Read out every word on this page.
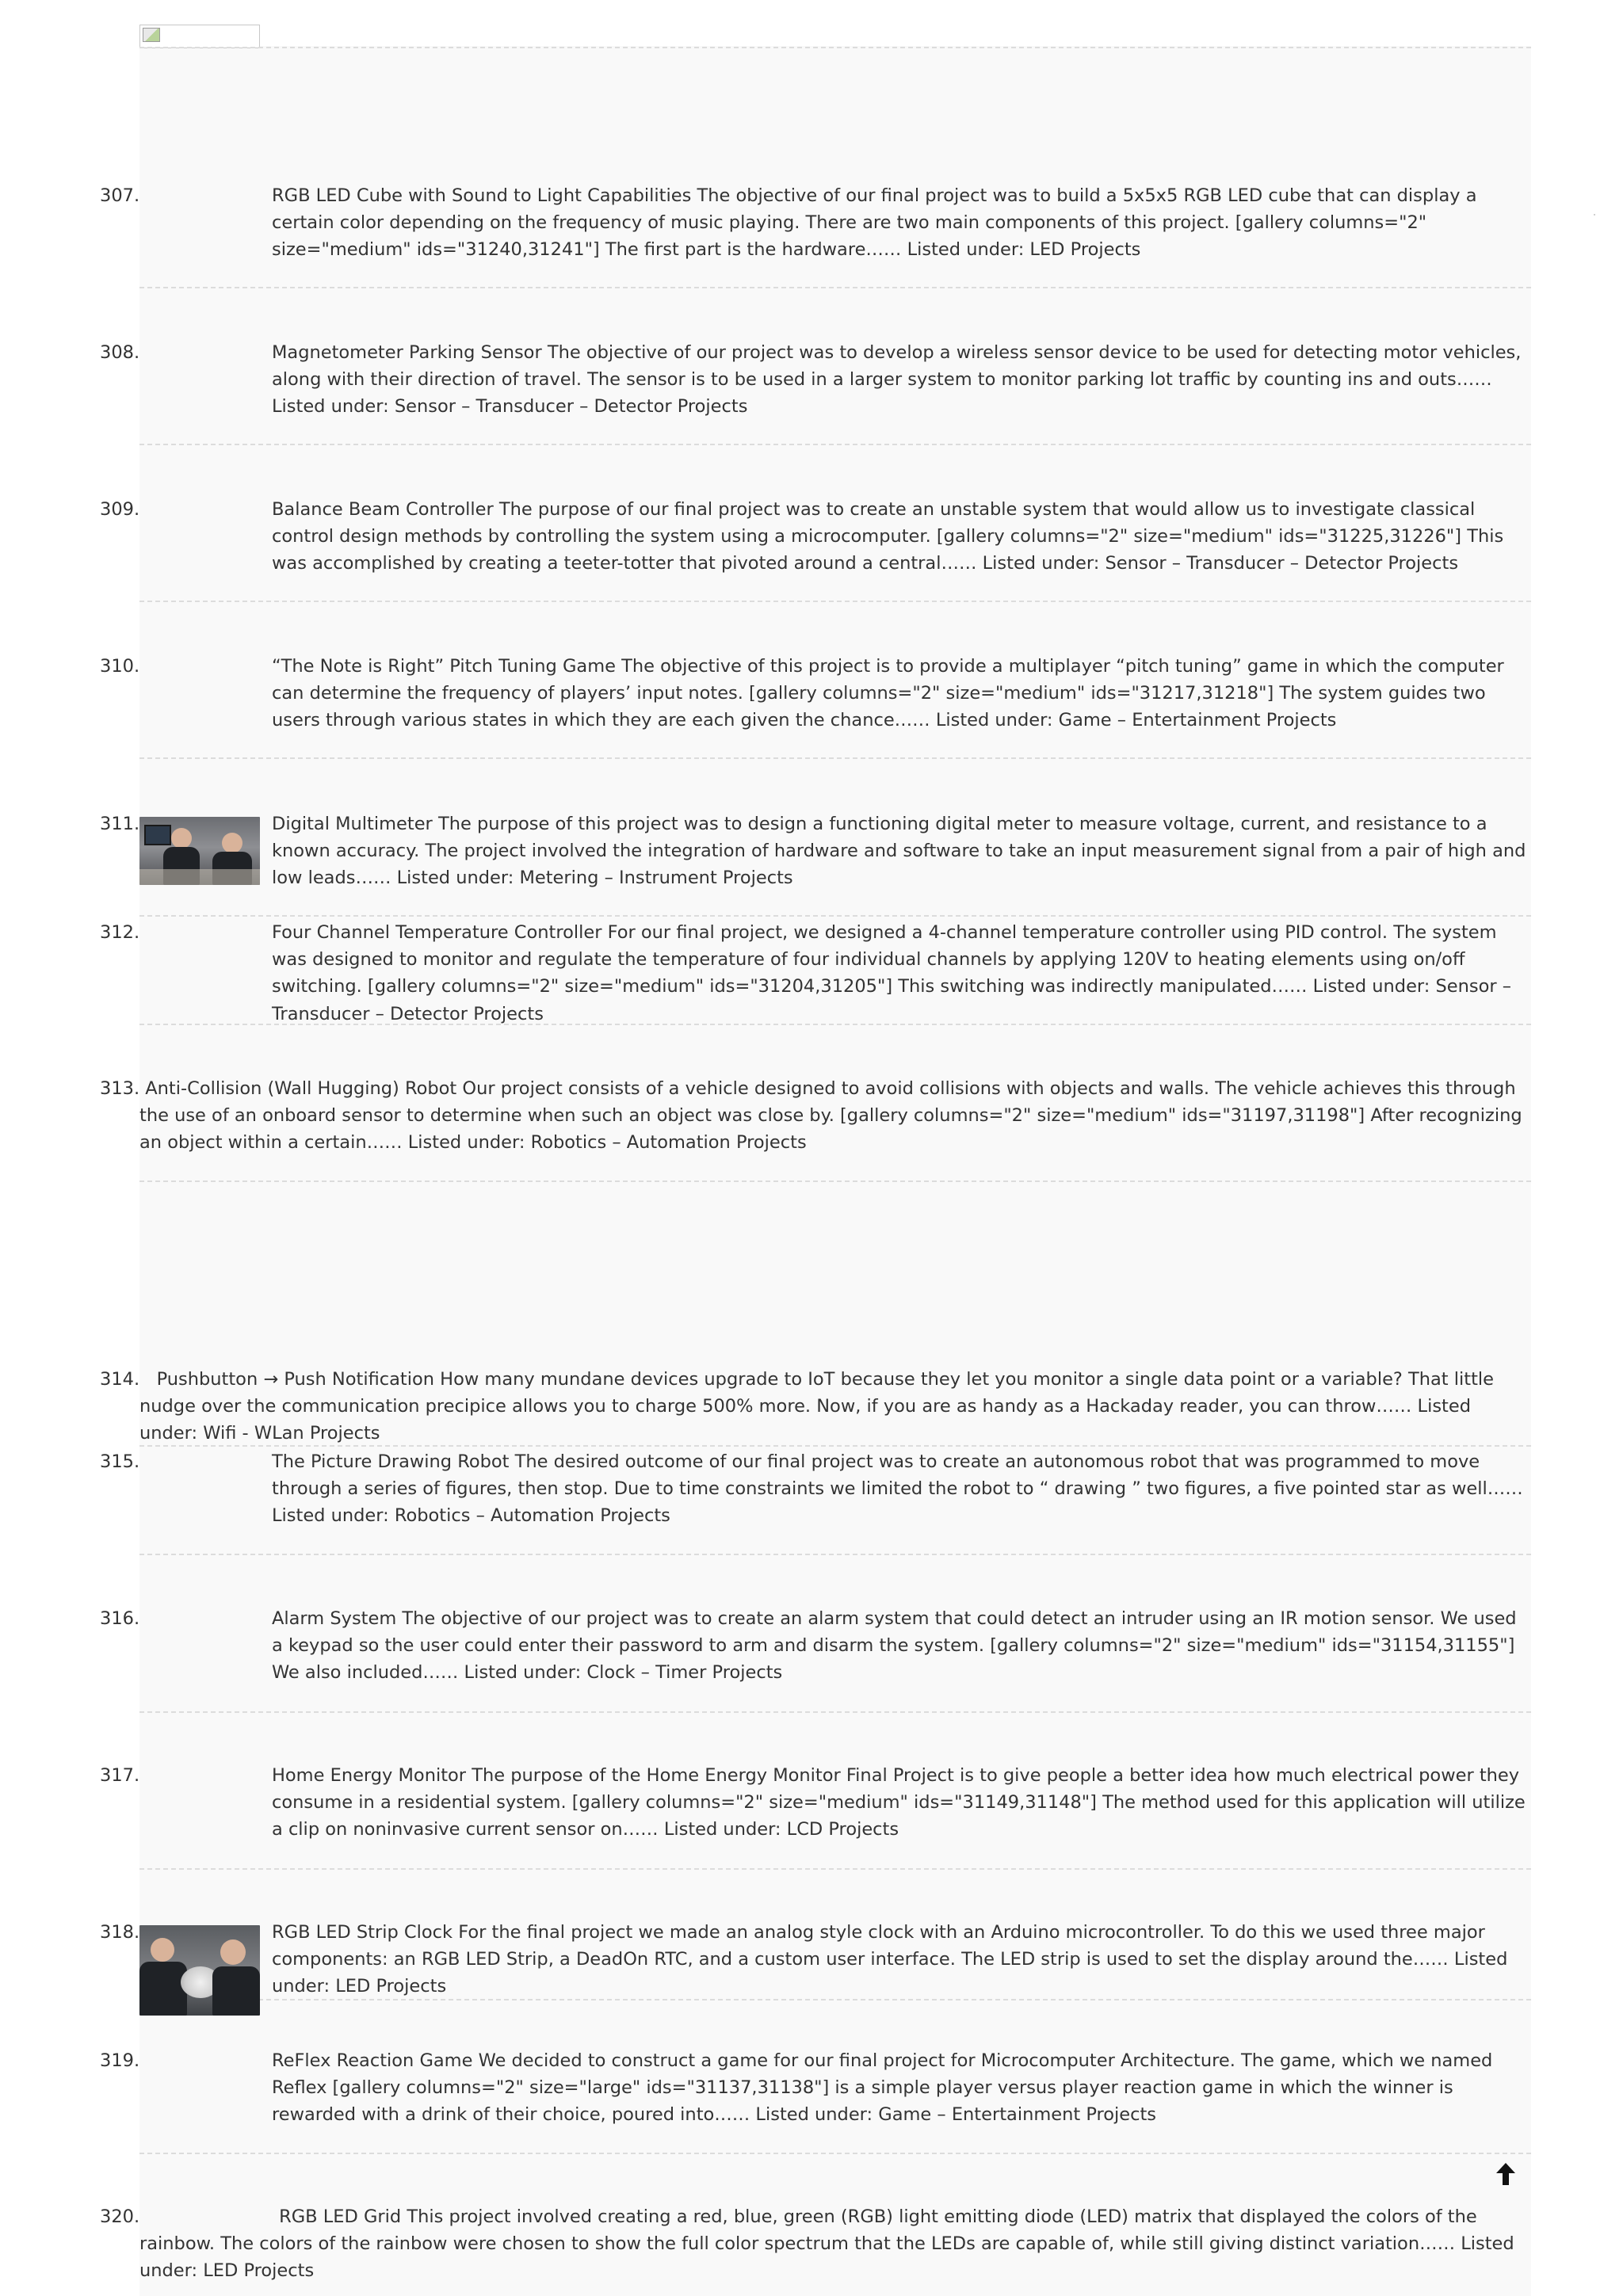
307.	RGB LED Cube with Sound to Light Capabilities The objective of our final project was to build a 5x5x5 RGB LED cube that can display a certain color depending on the frequency of music playing. There are two main components of this project. [gallery columns="2" size="medium" ids="31240,31241"] The first part is the hardware…… Listed under: LED Projects
308.	Magnetometer Parking Sensor The objective of our project was to develop a wireless sensor device to be used for detecting motor vehicles, along with their direction of travel. The sensor is to be used in a larger system to monitor parking lot traffic by counting ins and outs…… Listed under: Sensor – Transducer – Detector Projects
309.	Balance Beam Controller The purpose of our final project was to create an unstable system that would allow us to investigate classical control design methods by controlling the system using a microcomputer. [gallery columns="2" size="medium" ids="31225,31226"] This was accomplished by creating a teeter-totter that pivoted around a central…… Listed under: Sensor – Transducer – Detector Projects
310.	“The Note is Right” Pitch Tuning Game The objective of this project is to provide a multiplayer “pitch tuning” game in which the computer can determine the frequency of players’ input notes. [gallery columns="2" size="medium" ids="31217,31218"] The system guides two users through various states in which they are each given the chance…… Listed under: Game – Entertainment Projects
311.	Digital Multimeter The purpose of this project was to design a functioning digital meter to measure voltage, current, and resistance to a known accuracy. The project involved the integration of hardware and software to take an input measurement signal from a pair of high and low leads…… Listed under: Metering – Instrument Projects
312.	Four Channel Temperature Controller For our final project, we designed a 4-channel temperature controller using PID control. The system was designed to monitor and regulate the temperature of four individual channels by applying 120V to heating elements using on/off switching. [gallery columns="2" size="medium" ids="31204,31205"] This switching was indirectly manipulated…… Listed under: Sensor – Transducer – Detector Projects
313. Anti-Collision (Wall Hugging) Robot Our project consists of a vehicle designed to avoid collisions with objects and walls. The vehicle achieves this through the use of an onboard sensor to determine when such an object was close by. [gallery columns="2" size="medium" ids="31197,31198"] After recognizing an object within a certain…… Listed under: Robotics – Automation Projects
314. Pushbutton → Push Notification How many mundane devices upgrade to IoT because they let you monitor a single data point or a variable? That little nudge over the communication precipice allows you to charge 500% more. Now, if you are as handy as a Hackaday reader, you can throw…… Listed under: Wifi - WLan Projects
315.	The Picture Drawing Robot The desired outcome of our final project was to create an autonomous robot that was programmed to move through a series of figures, then stop. Due to time constraints we limited the robot to “ drawing ” two figures, a five pointed star as well…… Listed under: Robotics – Automation Projects
316.	Alarm System The objective of our project was to create an alarm system that could detect an intruder using an IR motion sensor. We used a keypad so the user could enter their password to arm and disarm the system. [gallery columns="2" size="medium" ids="31154,31155"] We also included…… Listed under: Clock – Timer Projects
317.	Home Energy Monitor The purpose of the Home Energy Monitor Final Project is to give people a better idea how much electrical power they consume in a residential system. [gallery columns="2" size="medium" ids="31149,31148"] The method used for this application will utilize a clip on noninvasive current sensor on…… Listed under: LCD Projects
318.	RGB LED Strip Clock For the final project we made an analog style clock with an Arduino microcontroller. To do this we used three major components: an RGB LED Strip, a DeadOn RTC, and a custom user interface. The LED strip is used to set the display around the…… Listed under: LED Projects
319.	ReFlex Reaction Game We decided to construct a game for our final project for Microcomputer Architecture. The game, which we named Reflex [gallery columns="2" size="large" ids="31137,31138"] is a simple player versus player reaction game in which the winner is rewarded with a drink of their choice, poured into…… Listed under: Game – Entertainment Projects
320.	RGB LED Grid This project involved creating a red, blue, green (RGB) light emitting diode (LED) matrix that displayed the colors of the rainbow. The colors of the rainbow were chosen to show the full color spectrum that the LEDs are capable of, while still giving distinct variation…… Listed under: LED Projects
